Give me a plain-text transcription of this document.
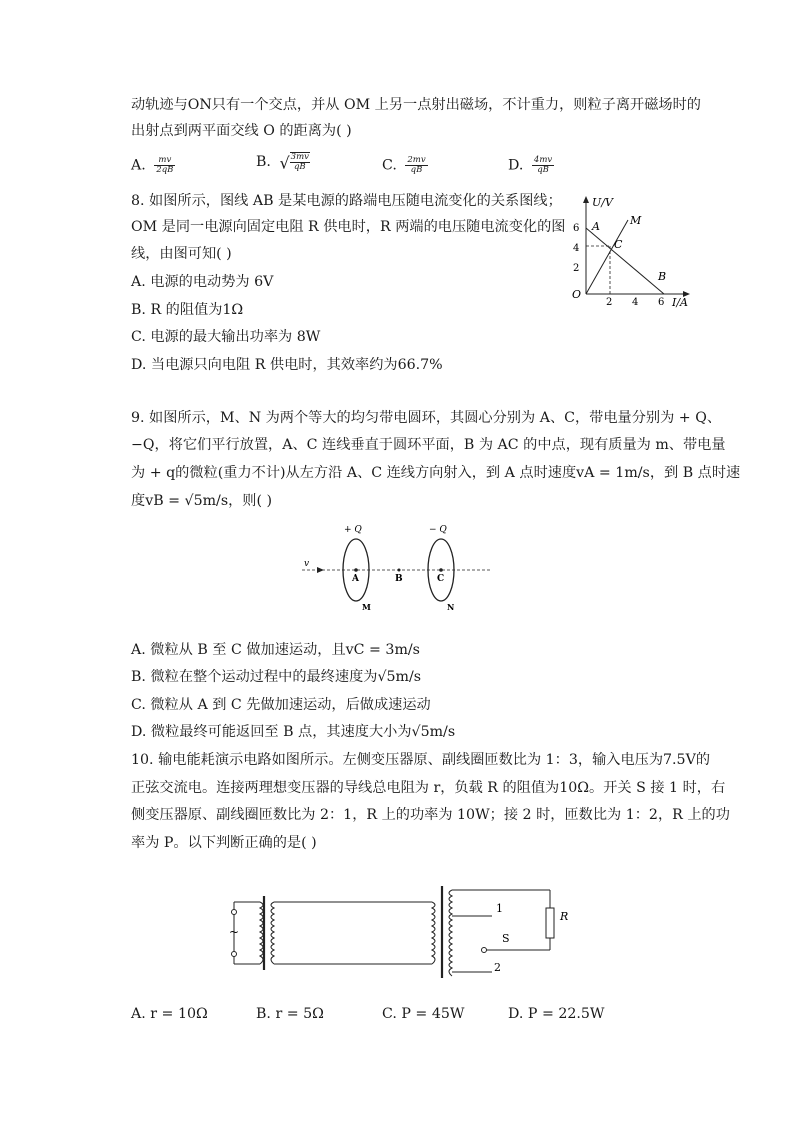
动轨迹与ON只有一个交点，并从 OM 上另一点射出磁场，不计重力，则粒子离开磁场时的
出射点到两平面交线 O 的距离为( )
A. $\frac{mv}{2qB}$	B. $√\frac{3mv}{qB}$	C. $\frac{2mv}{qB}$	D. $\frac{4mv}{qB}$
8. 如图所示，图线 AB 是某电源的路端电压随电流变化的关系图线；
OM 是同一电源向固定电阻 R 供电时，R 两端的电压随电流变化的图
线，由图可知( )
A. 电源的电动势为 6V
B. R 的阻值为1Ω
C. 电源的最大输出功率为 8W
D. 当电源只向电阻 R 供电时，其效率约为66.7%
U/V
I/A
O
6
4
2
2 4 6
A
B
C
M
9. 如图所示，M、N 为两个等大的均匀带电圆环，其圆心分别为 A、C，带电量分别为 + Q、
−Q，将它们平行放置，A、C 连线垂直于圆环平面，B 为 AC 的中点，现有质量为 m、带电量
为 + q的微粒(重力不计)从左方沿 A、C 连线方向射入，到 A 点时速度vA = 1m/s，到 B 点时速
度vB = √5m/s，则( )
v
+ Q	− Q
A	B	C
M	N
A. 微粒从 B 至 C 做加速运动，且vC = 3m/s
B. 微粒在整个运动过程中的最终速度为√5m/s
C. 微粒从 A 到 C 先做加速运动，后做成速运动
D. 微粒最终可能返回至 B 点，其速度大小为√5m/s
10. 输电能耗演示电路如图所示。左侧变压器原、副线圈匝数比为 1：3，输入电压为7.5V的
正弦交流电。连接两理想变压器的导线总电阻为 r，负载 R 的阻值为10Ω。开关 S 接 1 时，右
侧变压器原、副线圈匝数比为 2：1，R 上的功率为 10W；接 2 时，匝数比为 1：2，R 上的功
率为 P。以下判断正确的是( )
~
1
2
S
R
A. r = 10Ω	B. r = 5Ω	C. P = 45W	D. P = 22.5W
